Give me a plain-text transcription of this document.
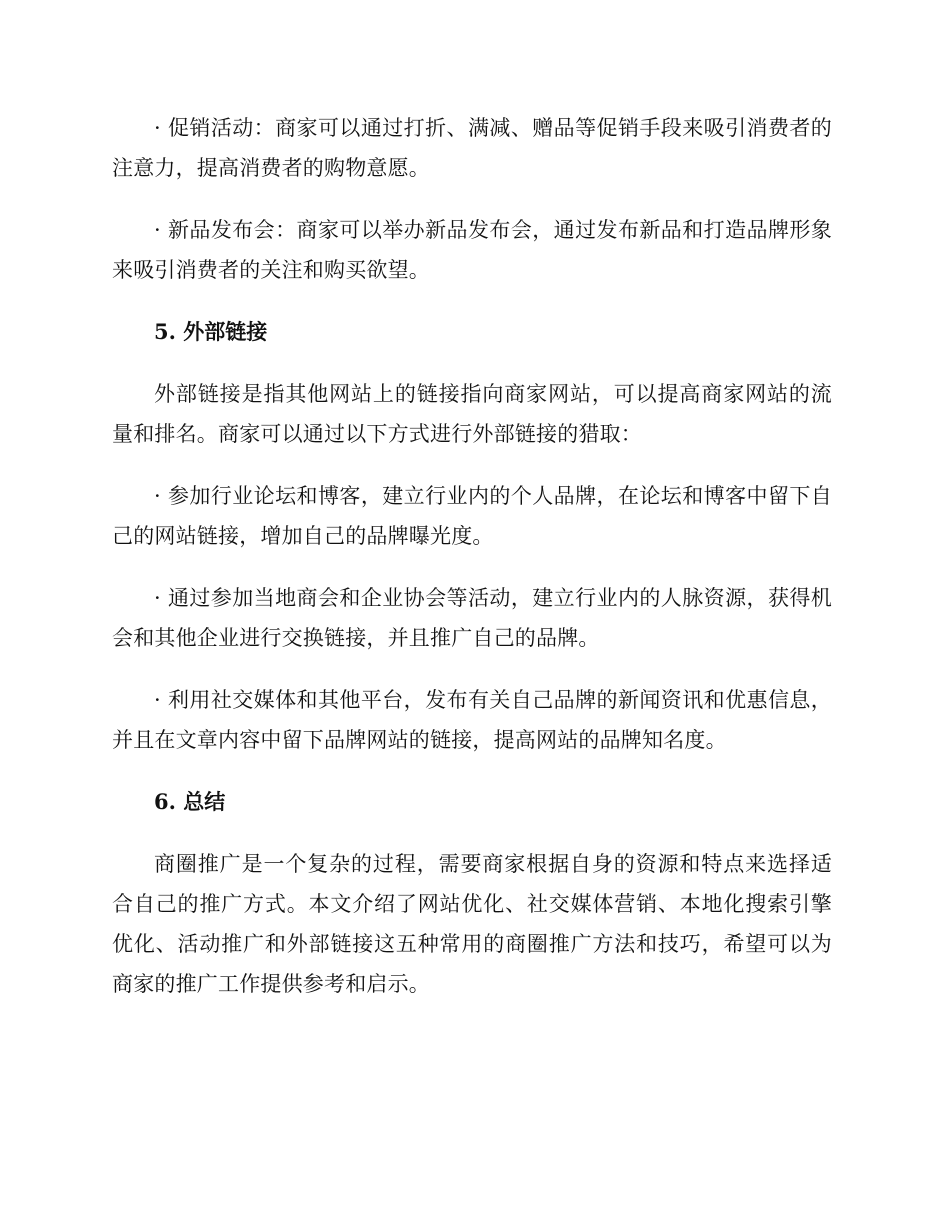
· 促销活动：商家可以通过打折、满减、赠品等促销手段来吸引消费者的注意力，提高消费者的购物意愿。

· 新品发布会：商家可以举办新品发布会，通过发布新品和打造品牌形象来吸引消费者的关注和购买欲望。

5. 外部链接

外部链接是指其他网站上的链接指向商家网站，可以提高商家网站的流量和排名。商家可以通过以下方式进行外部链接的猎取：

· 参加行业论坛和博客，建立行业内的个人品牌，在论坛和博客中留下自己的网站链接，增加自己的品牌曝光度。

· 通过参加当地商会和企业协会等活动，建立行业内的人脉资源，获得机会和其他企业进行交换链接，并且推广自己的品牌。

· 利用社交媒体和其他平台，发布有关自己品牌的新闻资讯和优惠信息，并且在文章内容中留下品牌网站的链接，提高网站的品牌知名度。

6. 总结

商圈推广是一个复杂的过程，需要商家根据自身的资源和特点来选择适合自己的推广方式。本文介绍了网站优化、社交媒体营销、本地化搜索引擎优化、活动推广和外部链接这五种常用的商圈推广方法和技巧，希望可以为商家的推广工作提供参考和启示。
